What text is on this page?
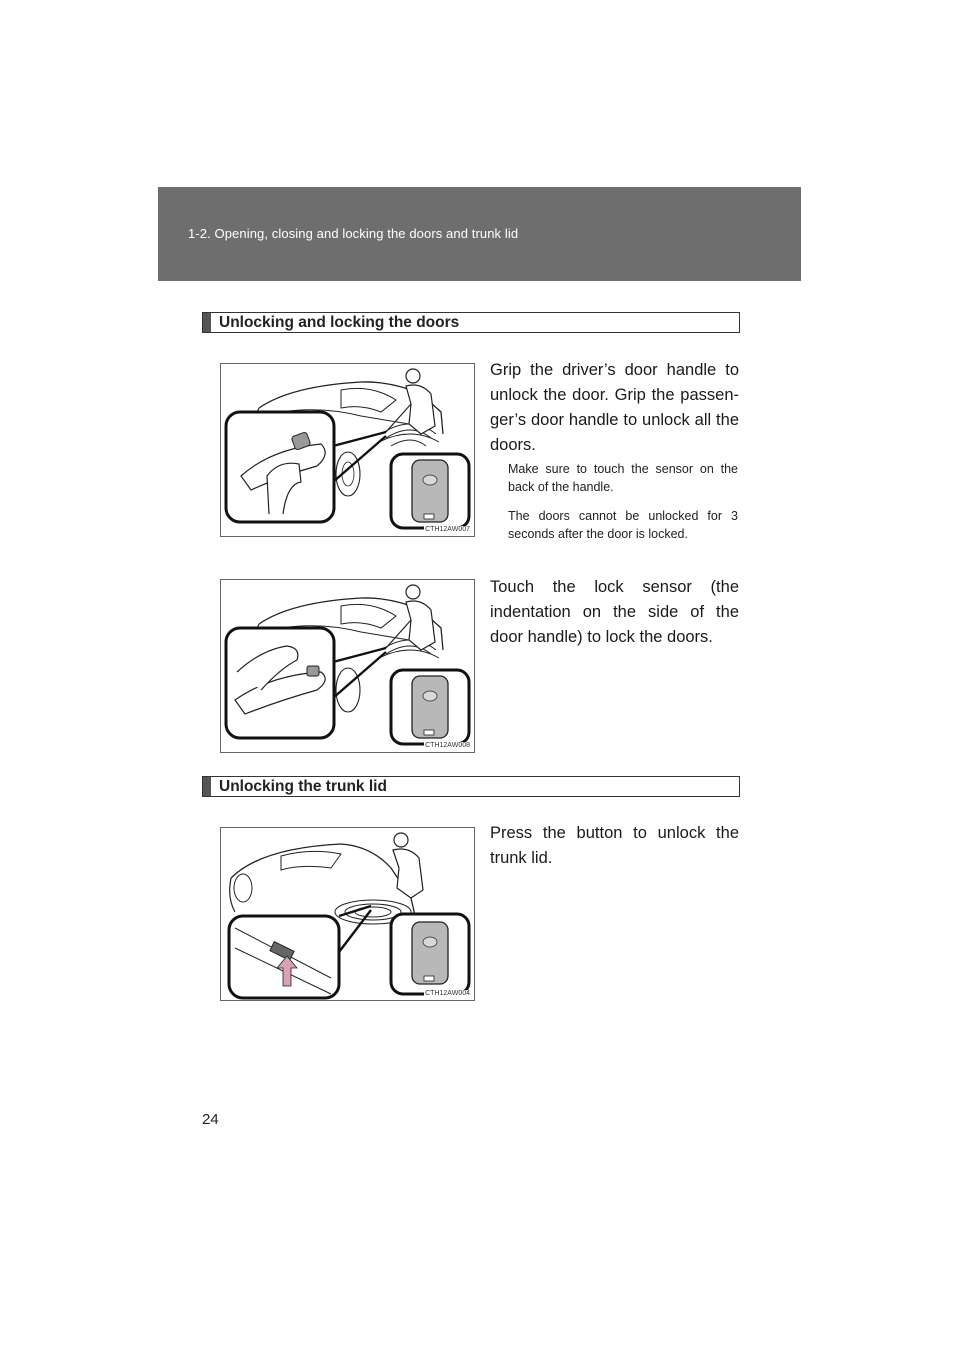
1-2. Opening, closing and locking the doors and trunk lid
Unlocking and locking the doors
CTH12AW007
Grip the driver’s door handle to unlock the door. Grip the passen-ger’s door handle to unlock all the doors.
Make sure to touch the sensor on the back of the handle.
The doors cannot be unlocked for 3 seconds after the door is locked.
CTH12AW008
Touch the lock sensor (the indentation on the side of the door handle) to lock the doors.
Unlocking the trunk lid
CTH12AW004
Press the button to unlock the trunk lid.
24
